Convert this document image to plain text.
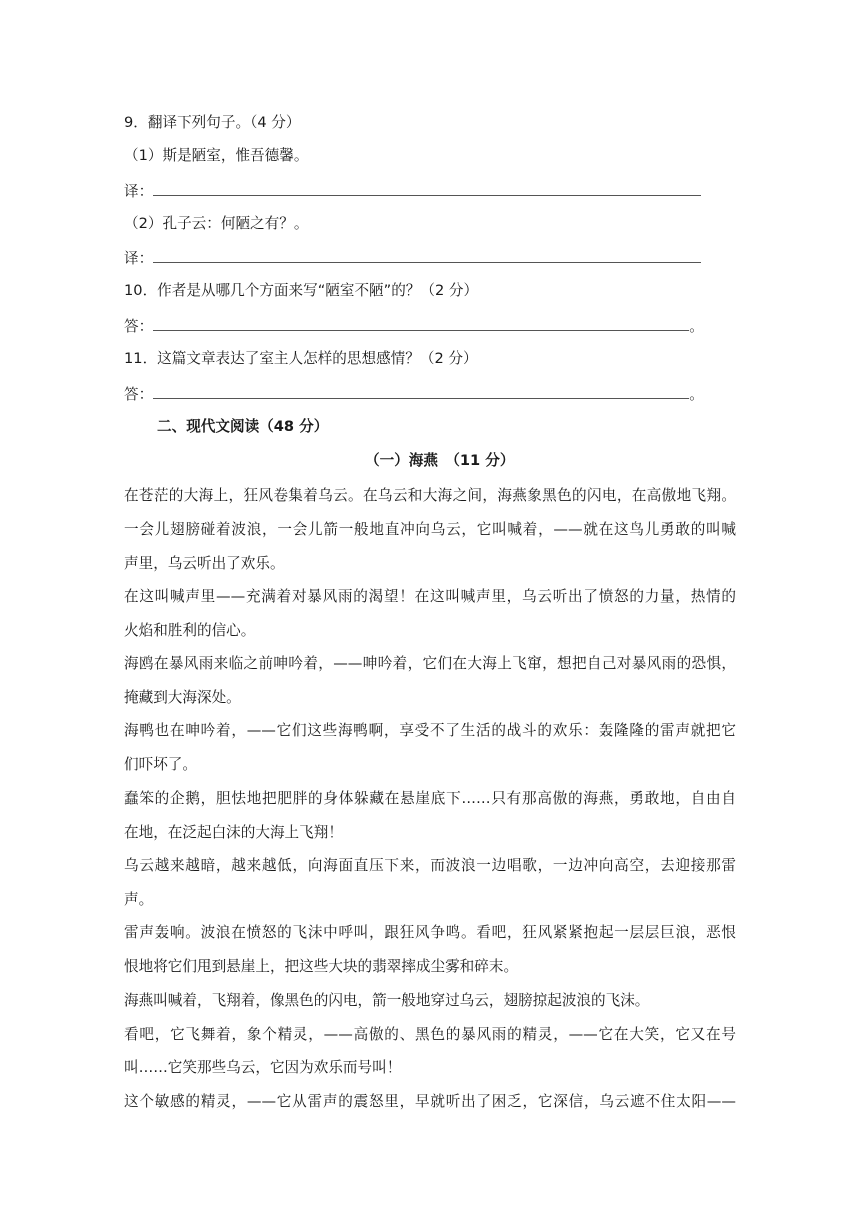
9．翻译下列句子。（4 分）
（1）斯是陋室，惟吾德馨。
译：
（2）孔子云：何陋之有？。
译：
10．作者是从哪几个方面来写“陋室不陋”的？（2 分）
答：	。
11．这篇文章表达了室主人怎样的思想感情？（2 分）
答：	。
二、现代文阅读（48 分）
（一）海燕　（11 分）
在苍茫的大海上，狂风卷集着乌云。在乌云和大海之间，海燕象黑色的闪电，在高傲地飞翔。
一会儿翅膀碰着波浪，一会儿箭一般地直冲向乌云，它叫喊着，——就在这鸟儿勇敢的叫喊
声里，乌云听出了欢乐。
在这叫喊声里——充满着对暴风雨的渴望！在这叫喊声里，乌云听出了愤怒的力量，热情的
火焰和胜利的信心。
海鸥在暴风雨来临之前呻吟着，——呻吟着，它们在大海上飞窜，想把自己对暴风雨的恐惧，
掩藏到大海深处。
海鸭也在呻吟着，——它们这些海鸭啊，享受不了生活的战斗的欢乐：轰隆隆的雷声就把它
们吓坏了。
蠢笨的企鹅，胆怯地把肥胖的身体躲藏在悬崖底下……只有那高傲的海燕，勇敢地，自由自
在地，在泛起白沫的大海上飞翔！
乌云越来越暗，越来越低，向海面直压下来，而波浪一边唱歌，一边冲向高空，去迎接那雷
声。
雷声轰响。波浪在愤怒的飞沫中呼叫，跟狂风争鸣。看吧，狂风紧紧抱起一层层巨浪，恶恨
恨地将它们甩到悬崖上，把这些大块的翡翠摔成尘雾和碎末。
海燕叫喊着，飞翔着，像黑色的闪电，箭一般地穿过乌云，翅膀掠起波浪的飞沫。
看吧，它飞舞着，象个精灵，——高傲的、黑色的暴风雨的精灵，——它在大笑，它又在号
叫……它笑那些乌云，它因为欢乐而号叫！
这个敏感的精灵，——它从雷声的震怒里，早就听出了困乏，它深信，乌云遮不住太阳——
